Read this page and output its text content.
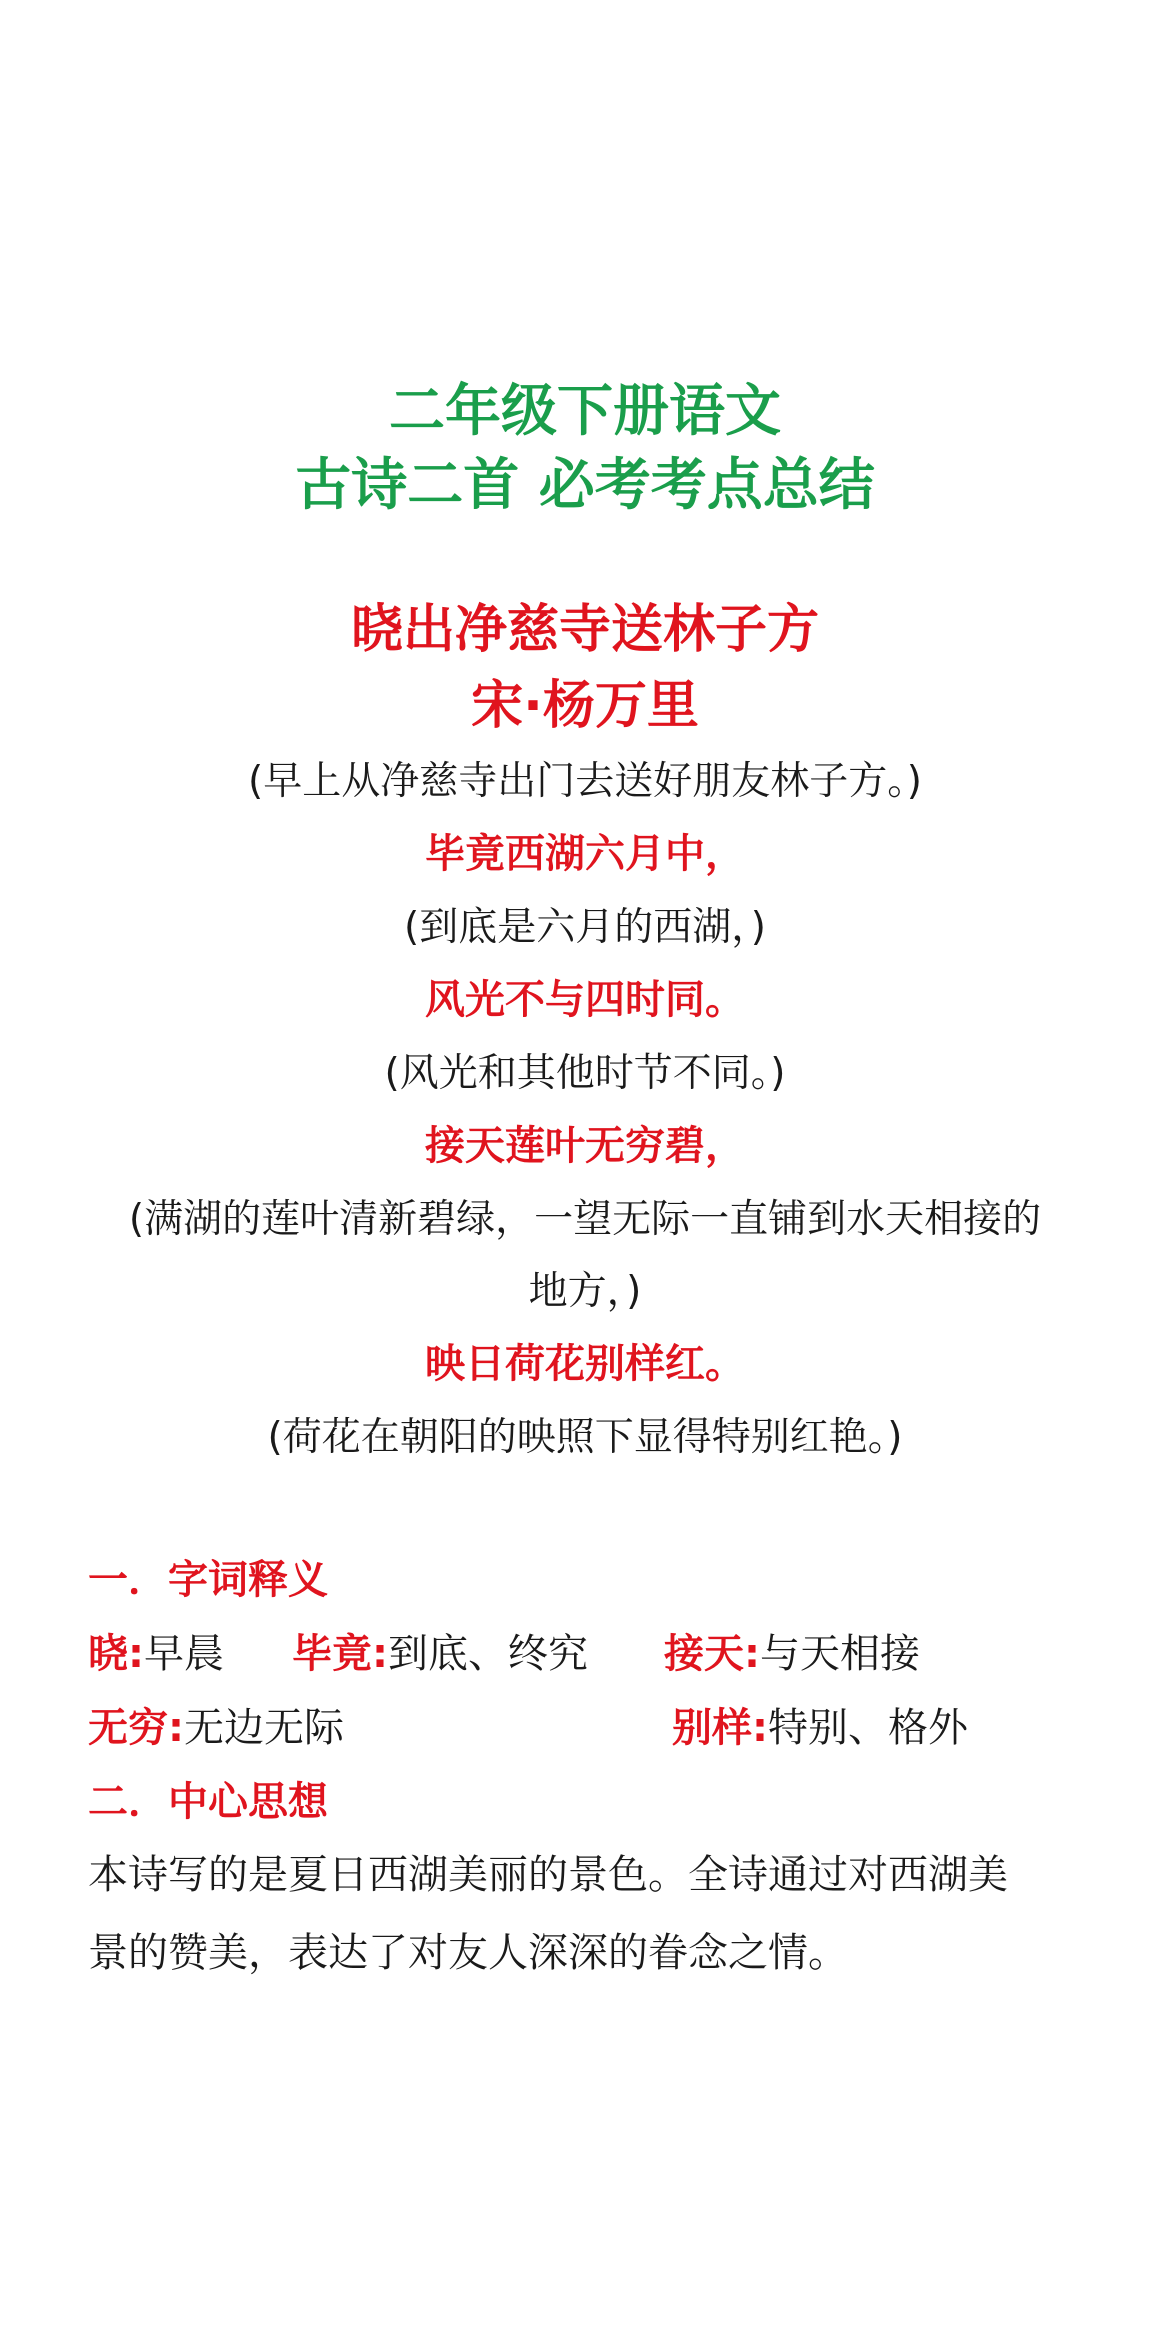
二年级下册语文
古诗二首 必考考点总结
晓出净慈寺送林子方
宋·杨万里
(早上从净慈寺出门去送好朋友林子方。)
毕竟西湖六月中，
(到底是六月的西湖，)
风光不与四时同。
(风光和其他时节不同。)
接天莲叶无穷碧，
(满湖的莲叶清新碧绿，一望无际一直铺到水天相接的
地方，)
映日荷花别样红。
(荷花在朝阳的映照下显得特别红艳。)
一．字词释义
晓:早晨 毕竟:到底、终究 接天:与天相接
无穷:无边无际	别样:特别、格外
二．中心思想
本诗写的是夏日西湖美丽的景色。全诗通过对西湖美
景的赞美，表达了对友人深深的眷念之情。
